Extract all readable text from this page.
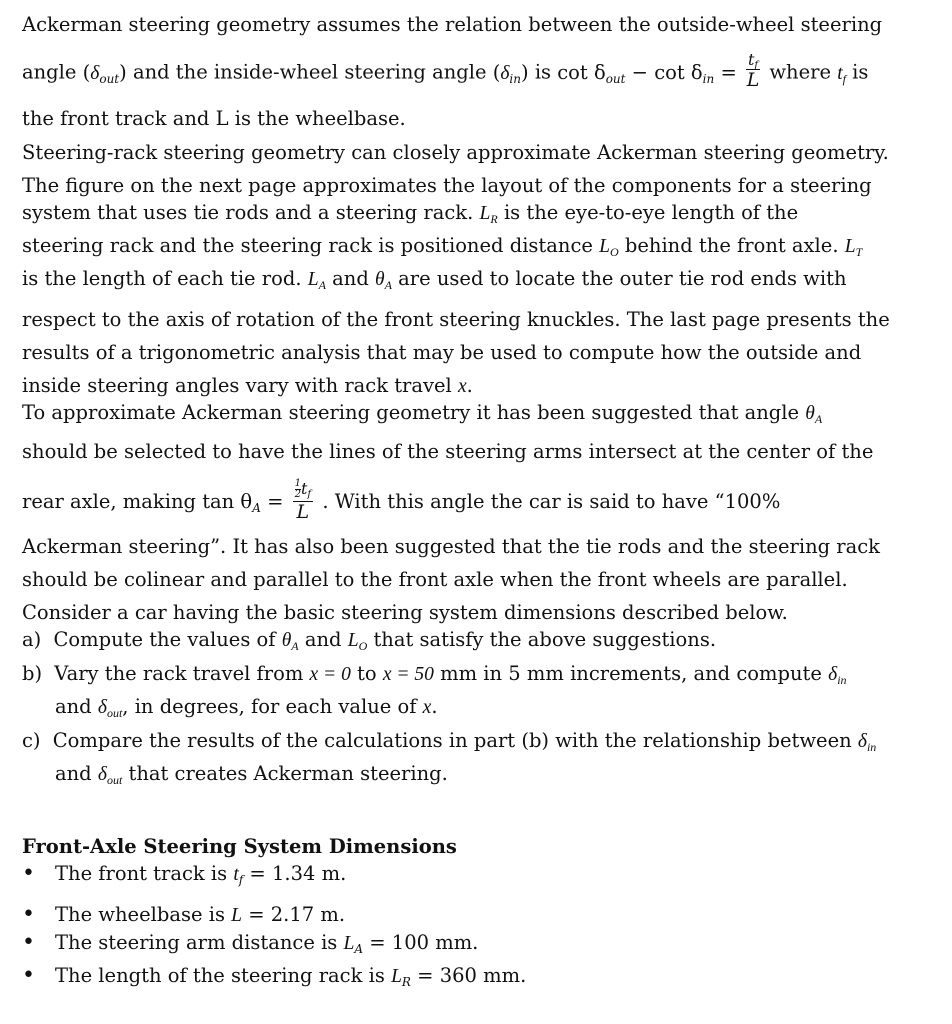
Ackerman steering geometry assumes the relation between the outside-wheel steering
angle $(\delta_{out})$ and the inside-wheel steering angle $(\delta_{in})$ is $\cot \delta_{out} - \cot \delta_{in} = \frac{t_f}{L}$ where $t_f$ is
the front track and L is the wheelbase.
Steering-rack steering geometry can closely approximate Ackerman steering geometry.
The figure on the next page approximates the layout of the components for a steering
system that uses tie rods and a steering rack. $L_R$ is the eye-to-eye length of the
steering rack and the steering rack is positioned distance $L_O$ behind the front axle. $L_T$
is the length of each tie rod. $L_A$ and $\theta_A$ are used to locate the outer tie rod ends with
respect to the axis of rotation of the front steering knuckles. The last page presents the
results of a trigonometric analysis that may be used to compute how the outside and
inside steering angles vary with rack travel x.
To approximate Ackerman steering geometry it has been suggested that angle $\theta_A$
should be selected to have the lines of the steering arms intersect at the center of the
rear axle, making $\tan \theta_A = \frac{\frac{1}{2} t_f}{L}$ . With this angle the car is said to have “100%
Ackerman steering”. It has also been suggested that the tie rods and the steering rack
should be colinear and parallel to the front axle when the front wheels are parallel.
Consider a car having the basic steering system dimensions described below.
a) Compute the values of $\theta_A$ and $L_O$ that satisfy the above suggestions.
b) Vary the rack travel from x = 0 to x = 50 mm in 5 mm increments, and compute $\delta_{in}$
and $\delta_{out}$, in degrees, for each value of x.
c) Compare the results of the calculations in part (b) with the relationship between $\delta_{in}$
and $\delta_{out}$ that creates Ackerman steering.
Front-Axle Steering System Dimensions
• The front track is $t_f = 1.34$ m.
• The wheelbase is L = 2.17 m.
• The steering arm distance is $L_A = 100$ mm.
• The length of the steering rack is $L_R = 360$ mm.
